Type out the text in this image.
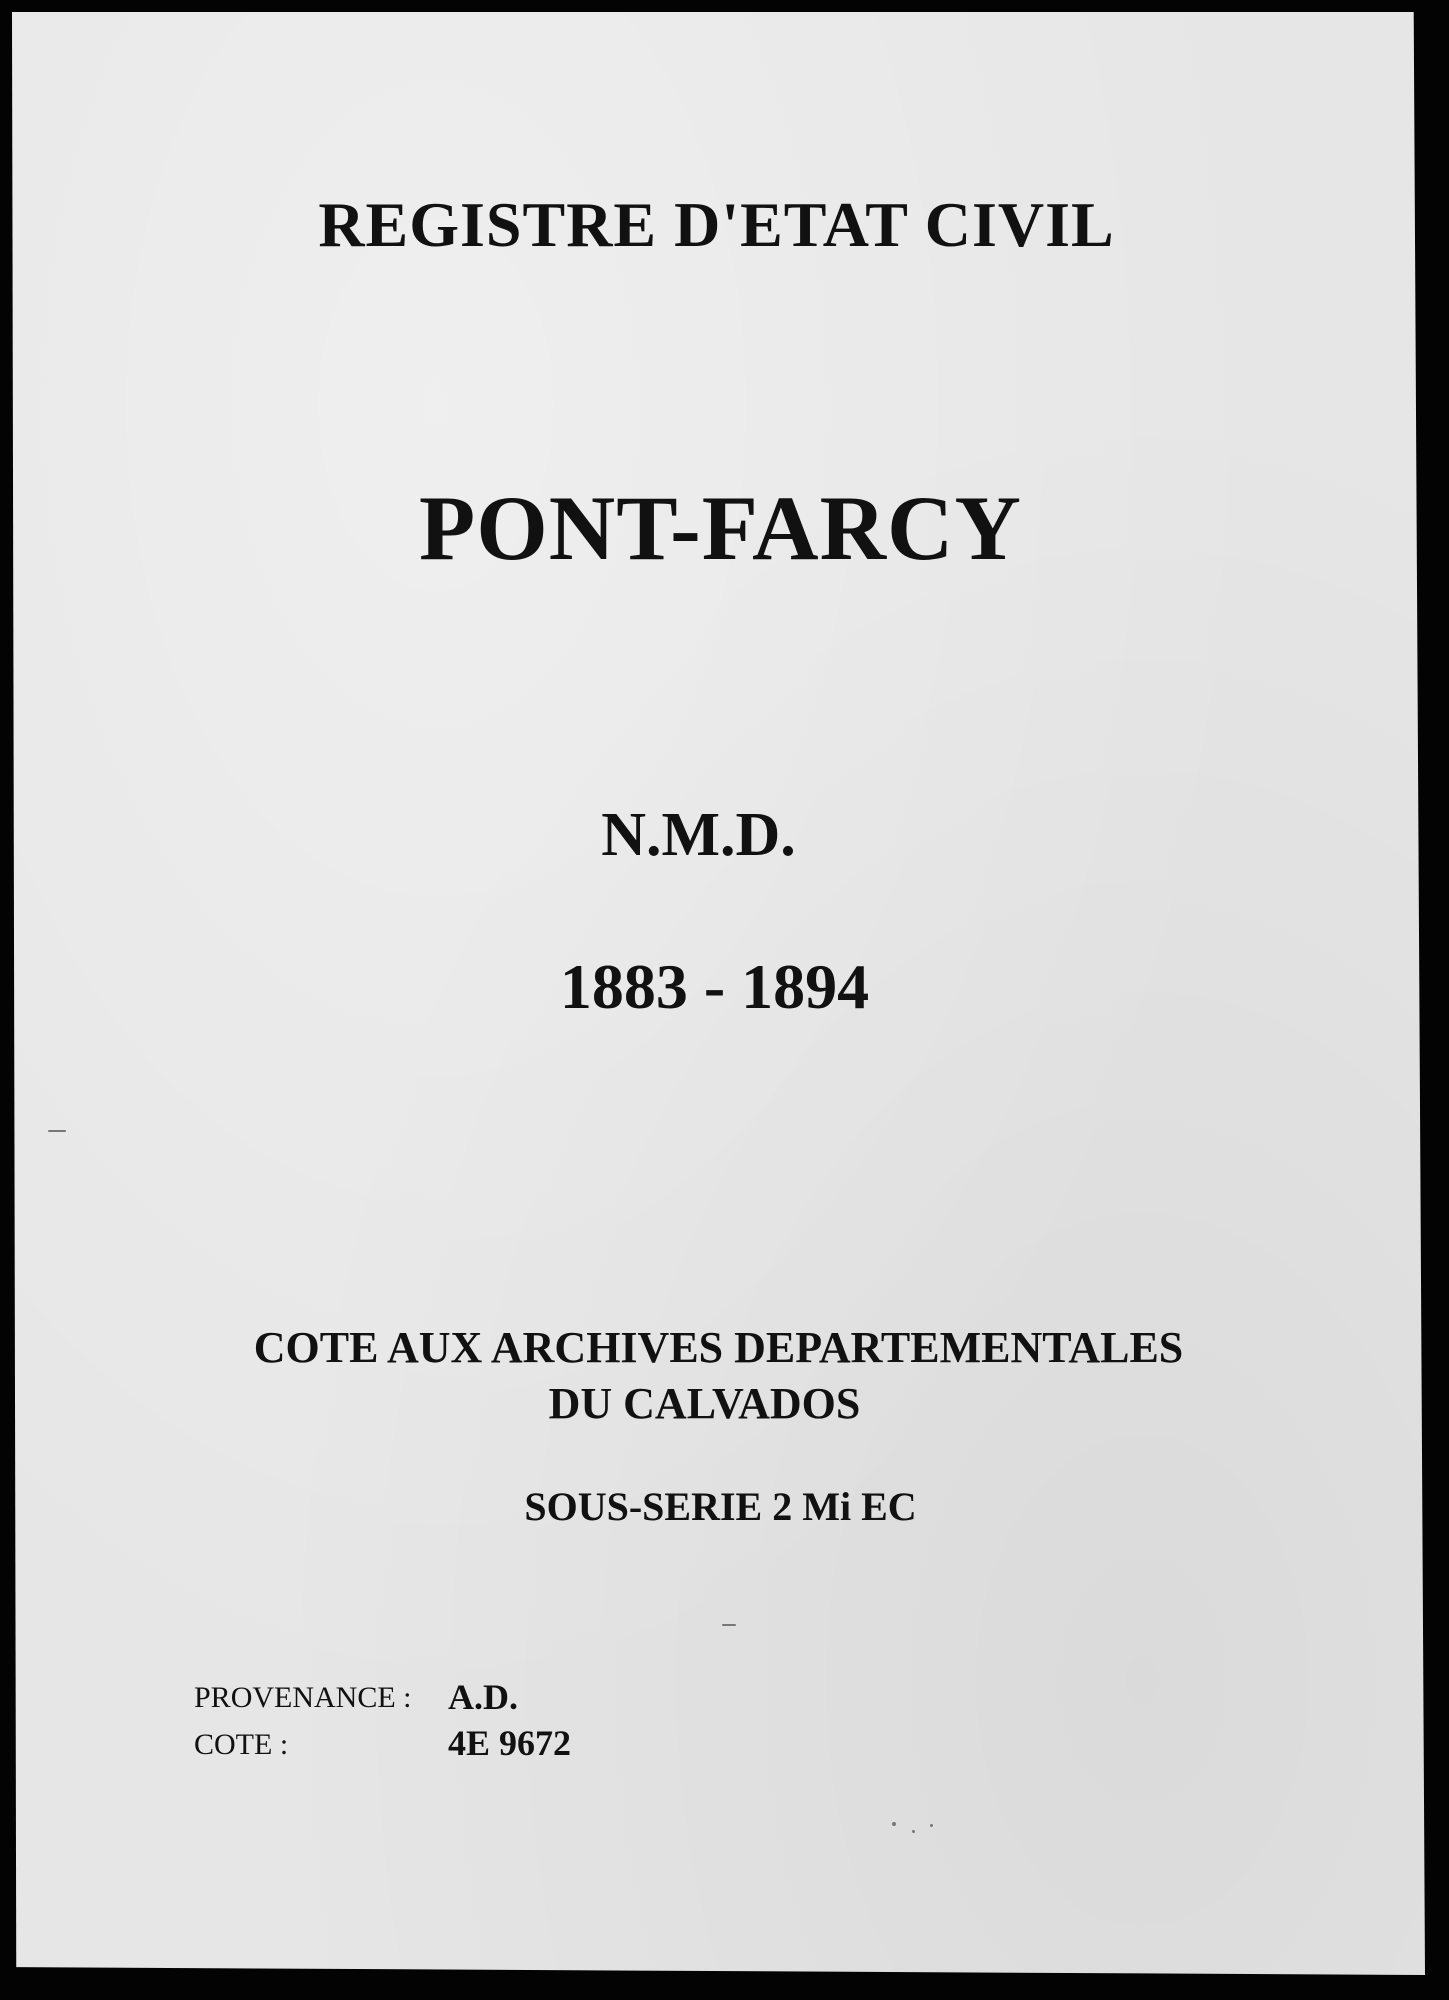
REGISTRE D'ETAT CIVIL
PONT-FARCY
N.M.D.
1883 - 1894
COTE AUX ARCHIVES DEPARTEMENTALES
DU CALVADOS
SOUS-SERIE 2 Mi EC
PROVENANCE : A.D.
COTE :	4E 9672
